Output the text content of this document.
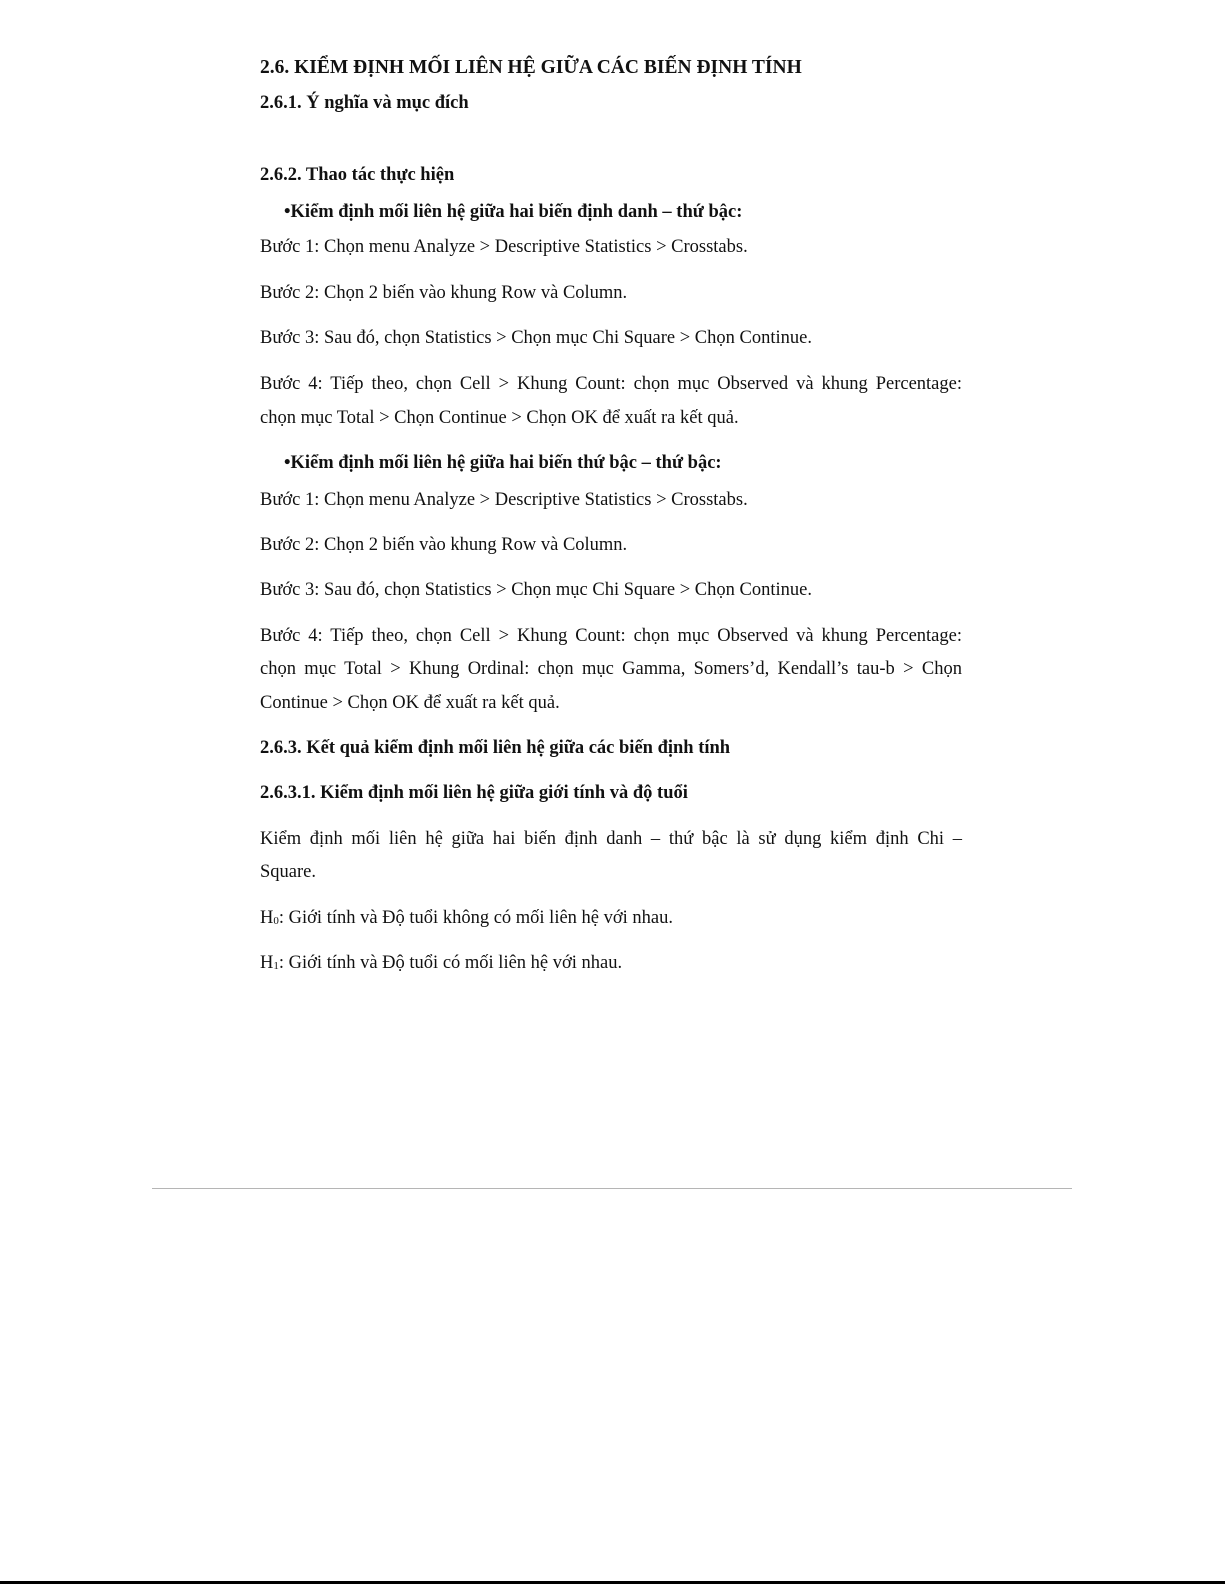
2.6. KIỂM ĐỊNH MỐI LIÊN HỆ GIỮA CÁC BIẾN ĐỊNH TÍNH
2.6.1. Ý nghĩa và mục đích
2.6.2. Thao tác thực hiện
•Kiểm định mối liên hệ giữa hai biến định danh – thứ bậc:
Bước 1: Chọn menu Analyze > Descriptive Statistics > Crosstabs.
Bước 2: Chọn 2 biến vào khung Row và Column.
Bước 3: Sau đó, chọn Statistics > Chọn mục Chi Square > Chọn Continue.
Bước 4: Tiếp theo, chọn Cell > Khung Count: chọn mục Observed và khung Percentage:
chọn mục Total > Chọn Continue > Chọn OK để xuất ra kết quả.
•Kiểm định mối liên hệ giữa hai biến thứ bậc – thứ bậc:
Bước 1: Chọn menu Analyze > Descriptive Statistics > Crosstabs.
Bước 2: Chọn 2 biến vào khung Row và Column.
Bước 3: Sau đó, chọn Statistics > Chọn mục Chi Square > Chọn Continue.
Bước 4: Tiếp theo, chọn Cell > Khung Count: chọn mục Observed và khung Percentage:
chọn mục Total > Khung Ordinal: chọn mục Gamma, Somers’d, Kendall’s tau-b > Chọn
Continue > Chọn OK để xuất ra kết quả.
2.6.3. Kết quả kiểm định mối liên hệ giữa các biến định tính
2.6.3.1. Kiểm định mối liên hệ giữa giới tính và độ tuổi
Kiểm định mối liên hệ giữa hai biến định danh – thứ bậc là sử dụng kiểm định Chi –
Square.
H0: Giới tính và Độ tuổi không có mối liên hệ với nhau.
H1: Giới tính và Độ tuổi có mối liên hệ với nhau.
